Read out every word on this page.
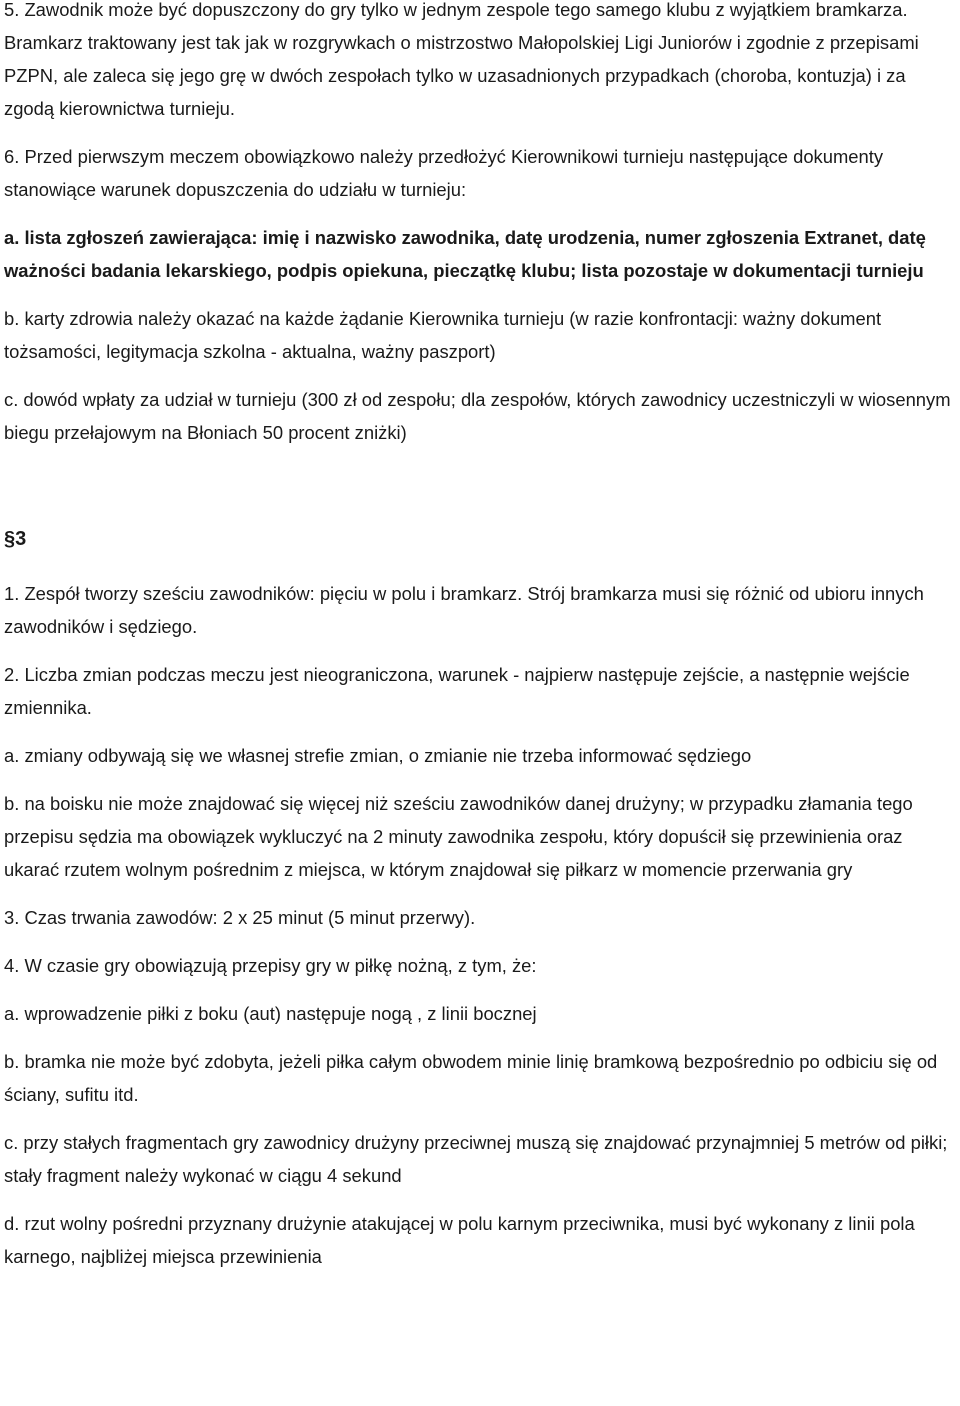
5. Zawodnik może być dopuszczony do gry tylko w jednym zespole tego samego klubu z wyjątkiem bramkarza. Bramkarz traktowany jest tak jak w rozgrywkach o mistrzostwo Małopolskiej Ligi Juniorów i zgodnie z przepisami PZPN, ale zaleca się jego grę w dwóch zespołach tylko w uzasadnionych przypadkach (choroba, kontuzja) i za zgodą kierownictwa turnieju.

6. Przed pierwszym meczem obowiązkowo należy przedłożyć Kierownikowi turnieju następujące dokumenty stanowiące warunek dopuszczenia do udziału w turnieju:

a. lista zgłoszeń zawierająca: imię i nazwisko zawodnika, datę urodzenia, numer zgłoszenia Extranet, datę ważności badania lekarskiego, podpis opiekuna, pieczątkę klubu; lista pozostaje w dokumentacji turnieju

b. karty zdrowia należy okazać na każde żądanie Kierownika turnieju (w razie konfrontacji: ważny dokument tożsamości, legitymacja szkolna - aktualna, ważny paszport)

c. dowód wpłaty za udział w turnieju (300 zł od zespołu; dla zespołów, których zawodnicy uczestniczyli w wiosennym biegu przełajowym na Błoniach 50 procent zniżki)

§3

1. Zespół tworzy sześciu zawodników: pięciu w polu i bramkarz. Strój bramkarza musi się różnić od ubioru innych zawodników i sędziego.

2. Liczba zmian podczas meczu jest nieograniczona, warunek - najpierw następuje zejście, a następnie wejście zmiennika.

a. zmiany odbywają się we własnej strefie zmian, o zmianie nie trzeba informować sędziego

b. na boisku nie może znajdować się więcej niż sześciu zawodników danej drużyny; w przypadku złamania tego przepisu sędzia ma obowiązek wykluczyć na 2 minuty zawodnika zespołu, który dopuścił się przewinienia oraz ukarać rzutem wolnym pośrednim z miejsca, w którym znajdował się piłkarz w momencie przerwania gry

3. Czas trwania zawodów: 2 x 25 minut (5 minut przerwy).

4. W czasie gry obowiązują przepisy gry w piłkę nożną, z tym, że:

a. wprowadzenie piłki z boku (aut) następuje nogą , z linii bocznej

b. bramka nie może być zdobyta, jeżeli piłka całym obwodem minie linię bramkową bezpośrednio po odbiciu się od ściany, sufitu itd.

c. przy stałych fragmentach gry zawodnicy drużyny przeciwnej muszą się znajdować przynajmniej 5 metrów od piłki; stały fragment należy wykonać w ciągu 4 sekund

d. rzut wolny pośredni przyznany drużynie atakującej w polu karnym przeciwnika, musi być wykonany z linii pola karnego, najbliżej miejsca przewinienia
